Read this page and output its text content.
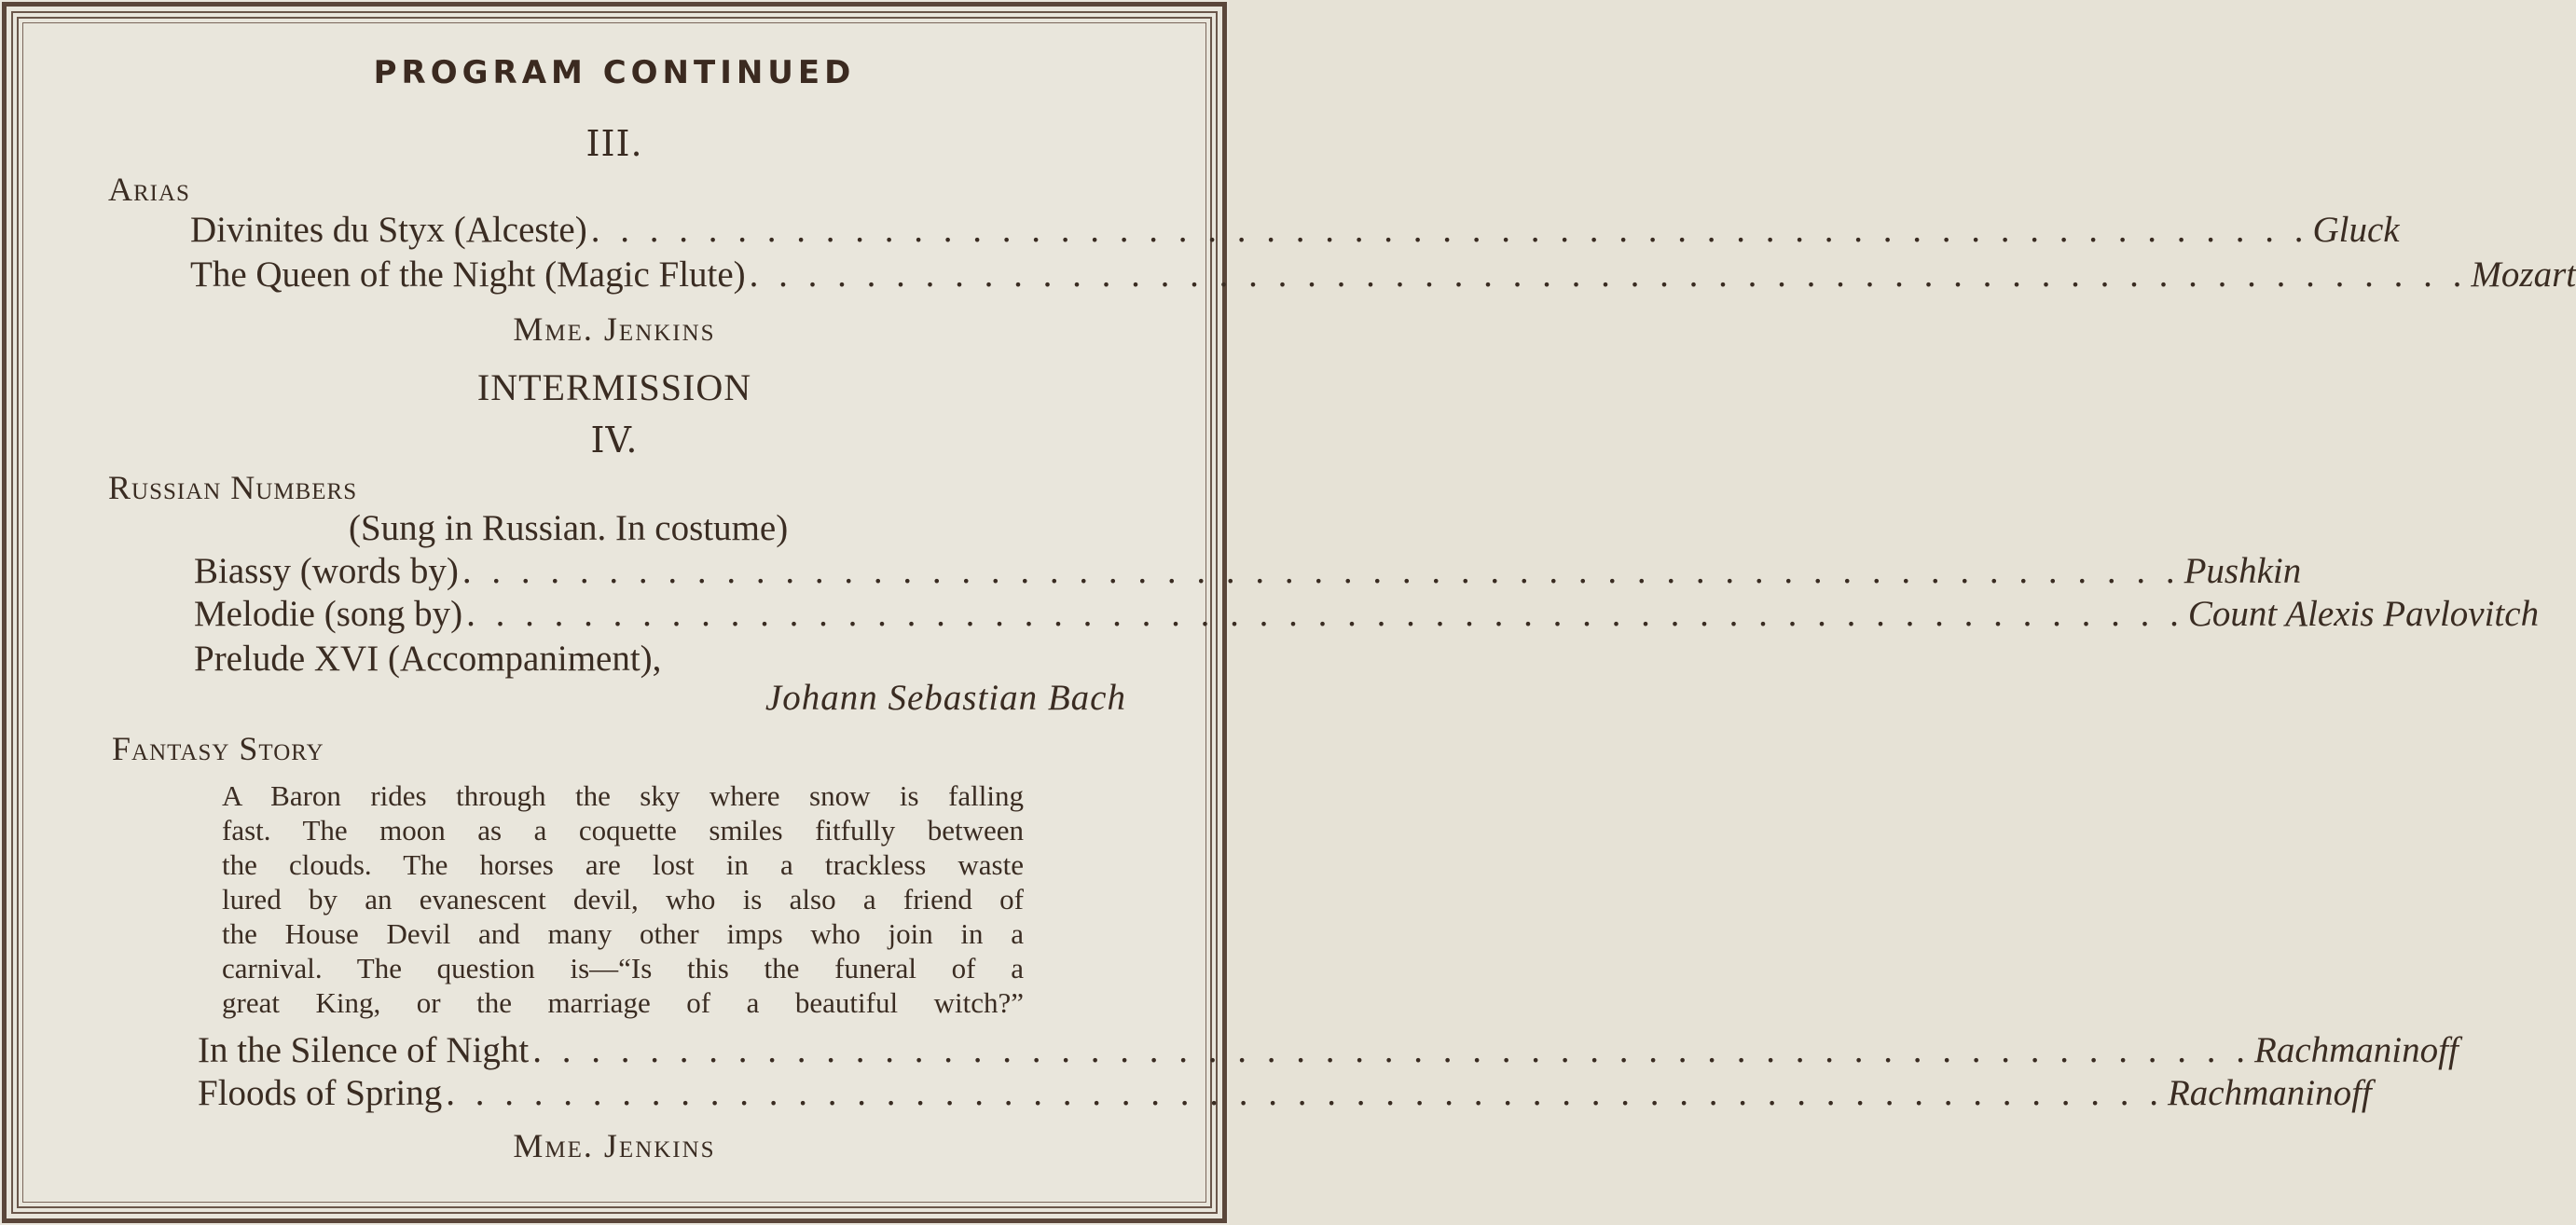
PROGRAM CONTINUED
III.
Arias
Divinites du Styx (Alceste) . . . . . . . . . . . . . . . . . . . . . . . . . . . . . . . . . . . . . . . . . . . . . . . . . . . . . . . . . . . Gluck
The Queen of the Night (Magic Flute) . . . . . . . . . . . . . . . . . . . . . . . . . . . . . . . . . . . . . . . . . . . . . . . . . . . . . . . . . . . Mozart
Mme. Jenkins
INTERMISSION
IV.
Russian Numbers
(Sung in Russian. In costume)
Biassy (words by) . . . . . . . . . . . . . . . . . . . . . . . . . . . . . . . . . . . . . . . . . . . . . . . . . . . . . . . . . . . Pushkin
Melodie (song by) . . . . . . . . . . . . . . . . . . . . . . . . . . . . . . . . . . . . . . . . . . . . . . . . . . . . . . . . . . . Count Alexis Pavlovitch
Prelude XVI (Accompaniment),
Johann Sebastian Bach
Fantasy Story
A Baron rides through the sky where snow is falling
fast. The moon as a coquette smiles fitfully between
the clouds. The horses are lost in a trackless waste
lured by an evanescent devil, who is also a friend of
the House Devil and many other imps who join in a
carnival. The question is—“Is this the funeral of a
great King, or the marriage of a beautiful witch?”
In the Silence of Night . . . . . . . . . . . . . . . . . . . . . . . . . . . . . . . . . . . . . . . . . . . . . . . . . . . . . . . . . . . Rachmaninoff
Floods of Spring . . . . . . . . . . . . . . . . . . . . . . . . . . . . . . . . . . . . . . . . . . . . . . . . . . . . . . . . . . . Rachmaninoff
Mme. Jenkins
